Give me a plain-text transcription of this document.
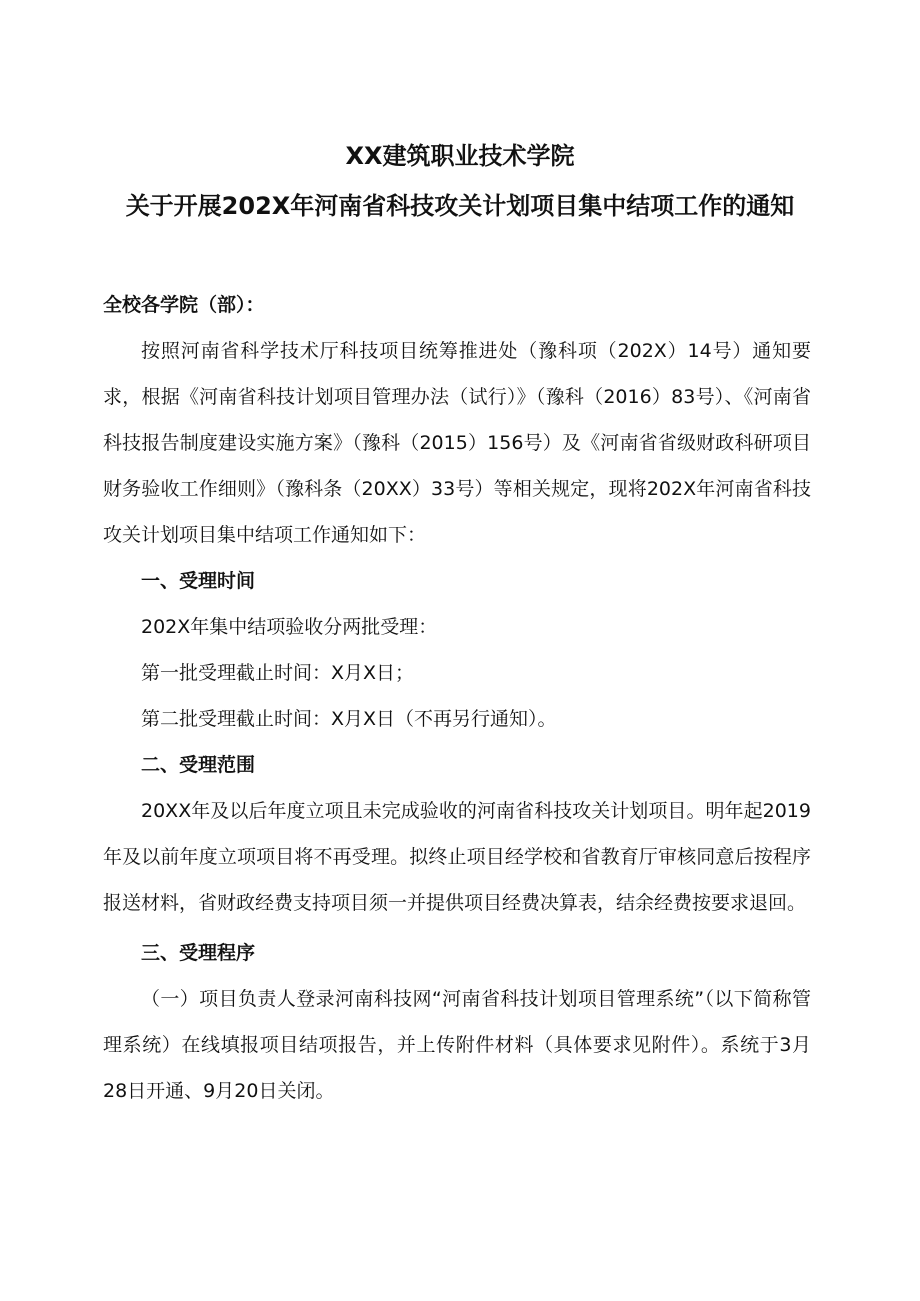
XX建筑职业技术学院
关于开展202X年河南省科技攻关计划项目集中结项工作的通知

全校各学院（部）：

按照河南省科学技术厅科技项目统筹推进处（豫科项（202X）14号）通知要求，根据《河南省科技计划项目管理办法（试行）》（豫科（2016）83号）、《河南省科技报告制度建设实施方案》（豫科（2015）156号）及《河南省省级财政科研项目财务验收工作细则》（豫科条（20XX）33号）等相关规定，现将202X年河南省科技攻关计划项目集中结项工作通知如下：

一、受理时间

202X年集中结项验收分两批受理：

第一批受理截止时间：X月X日；

第二批受理截止时间：X月X日（不再另行通知）。

二、受理范围

20XX年及以后年度立项且未完成验收的河南省科技攻关计划项目。明年起2019年及以前年度立项项目将不再受理。拟终止项目经学校和省教育厅审核同意后按程序报送材料，省财政经费支持项目须一并提供项目经费决算表，结余经费按要求退回。

三、受理程序

（一）项目负责人登录河南科技网“河南省科技计划项目管理系统”（以下简称管理系统）在线填报项目结项报告，并上传附件材料（具体要求见附件）。系统于3月28日开通、9月20日关闭。
